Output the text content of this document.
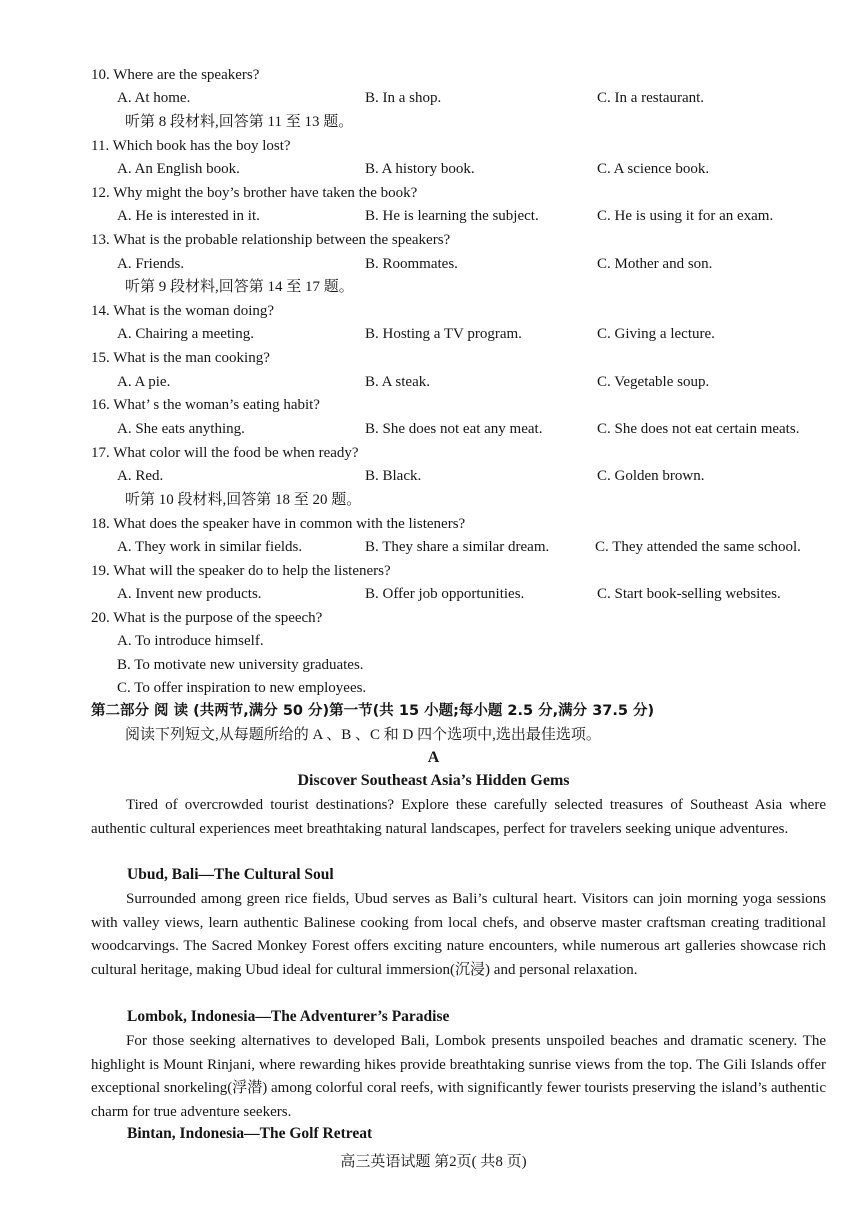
10. Where are the speakers?
A. At home.	B. In a shop.	C. In a restaurant.
听第 8 段材料,回答第 11 至 13 题。
11. Which book has the boy lost?
A. An English book.	B. A history book.	C. A science book.
12. Why might the boy’s brother have taken the book?
A. He is interested in it.	B. He is learning the subject.	C. He is using it for an exam.
13. What is the probable relationship between the speakers?
A. Friends.	B. Roommates.	C. Mother and son.
听第 9 段材料,回答第 14 至 17 题。
14. What is the woman doing?
A. Chairing a meeting.	B. Hosting a TV program.	C. Giving a lecture.
15. What is the man cooking?
A. A pie.	B. A steak.	C. Vegetable soup.
16. What’ s the woman’s eating habit?
A. She eats anything.	B. She does not eat any meat.	C. She does not eat certain meats.
17. What color will the food be when ready?
A. Red.	B. Black.	C. Golden brown.
听第 10 段材料,回答第 18 至 20 题。
18. What does the speaker have in common with the listeners?
A. They work in similar fields.	B. They share a similar dream.	C. They attended the same school.
19. What will the speaker do to help the listeners?
A. Invent new products.	B. Offer job opportunities.	C. Start book-selling websites.
20. What is the purpose of the speech?
A. To introduce himself.
B. To motivate new university graduates.
C. To offer inspiration to new employees.
第二部分 阅 读 (共两节,满分 50 分)第一节(共 15 小题;每小题 2.5 分,满分 37.5 分)
阅读下列短文,从每题所给的 A 、B 、C 和 D 四个选项中,选出最佳选项。
A
Discover Southeast Asia’s Hidden Gems
Tired of overcrowded tourist destinations? Explore these carefully selected treasures of Southeast Asia where authentic cultural experiences meet breathtaking natural landscapes, perfect for travelers seeking unique adventures.
Ubud, Bali—The Cultural Soul
Surrounded among green rice fields, Ubud serves as Bali’s cultural heart. Visitors can join morning yoga sessions with valley views, learn authentic Balinese cooking from local chefs, and observe master craftsman creating traditional woodcarvings. The Sacred Monkey Forest offers exciting nature encounters, while numerous art galleries showcase rich cultural heritage, making Ubud ideal for cultural immersion(沉浸) and personal relaxation.
Lombok, Indonesia—The Adventurer’s Paradise
For those seeking alternatives to developed Bali, Lombok presents unspoiled beaches and dramatic scenery. The highlight is Mount Rinjani, where rewarding hikes provide breathtaking sunrise views from the top. The Gili Islands offer exceptional snorkeling(浮潜) among colorful coral reefs, with significantly fewer tourists preserving the island’s authentic charm for true adventure seekers.
Bintan, Indonesia—The Golf Retreat
高三英语试题 第2页( 共8 页)
